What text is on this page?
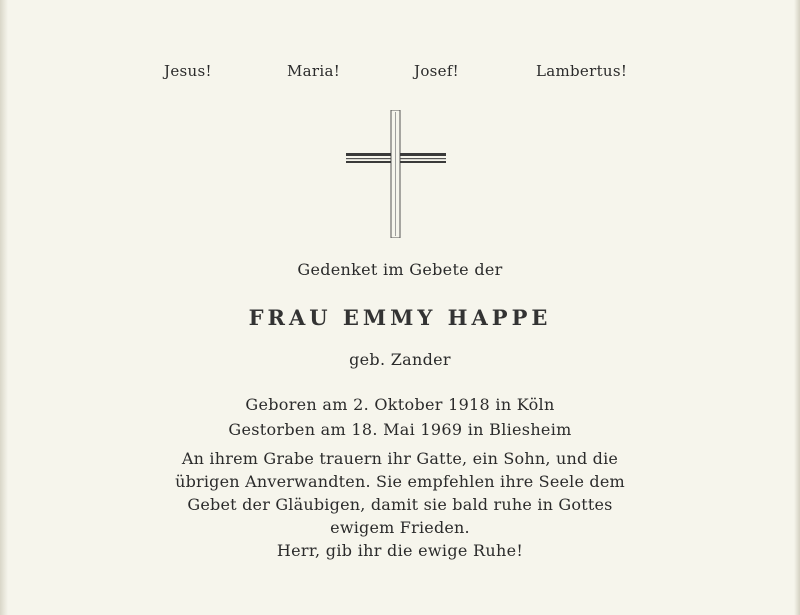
Jesus!	Maria!	Josef!	Lambertus!
Gedenket im Gebete der
FRAU EMMY HAPPE
geb. Zander
Geboren am 2. Oktober 1918 in Köln
Gestorben am 18. Mai 1969 in Bliesheim
An ihrem Grabe trauern ihr Gatte, ein Sohn, und die
übrigen Anverwandten. Sie empfehlen ihre Seele dem
Gebet der Gläubigen, damit sie bald ruhe in Gottes
ewigem Frieden.
Herr, gib ihr die ewige Ruhe!
